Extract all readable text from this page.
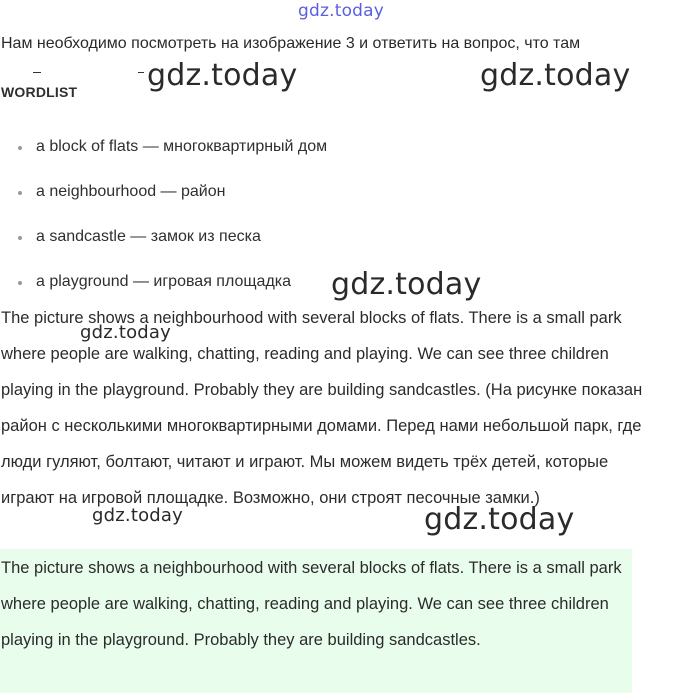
gdz.today
Нам необходимо посмотреть на изображение 3 и ответить на вопрос, что там
WORDLIST
a block of flats — многоквартирный дом
a neighbourhood — район
a sandcastle — замок из песка
a playground — игровая площадка
The picture shows a neighbourhood with several blocks of flats. There is a small park where people are walking, chatting, reading and playing. We can see three children playing in the playground. Probably they are building sandcastles. (На рисунке показан район с несколькими многоквартирными домами. Перед нами небольшой парк, где люди гуляют, болтают, читают и играют. Мы можем видеть трёх детей, которые играют на игровой площадке. Возможно, они строят песочные замки.)
The picture shows a neighbourhood with several blocks of flats. There is a small park where people are walking, chatting, reading and playing. We can see three children playing in the playground. Probably they are building sandcastles.
gdz.today	gdz.today
gdz.today
gdz.today
gdz.today	gdz.today
